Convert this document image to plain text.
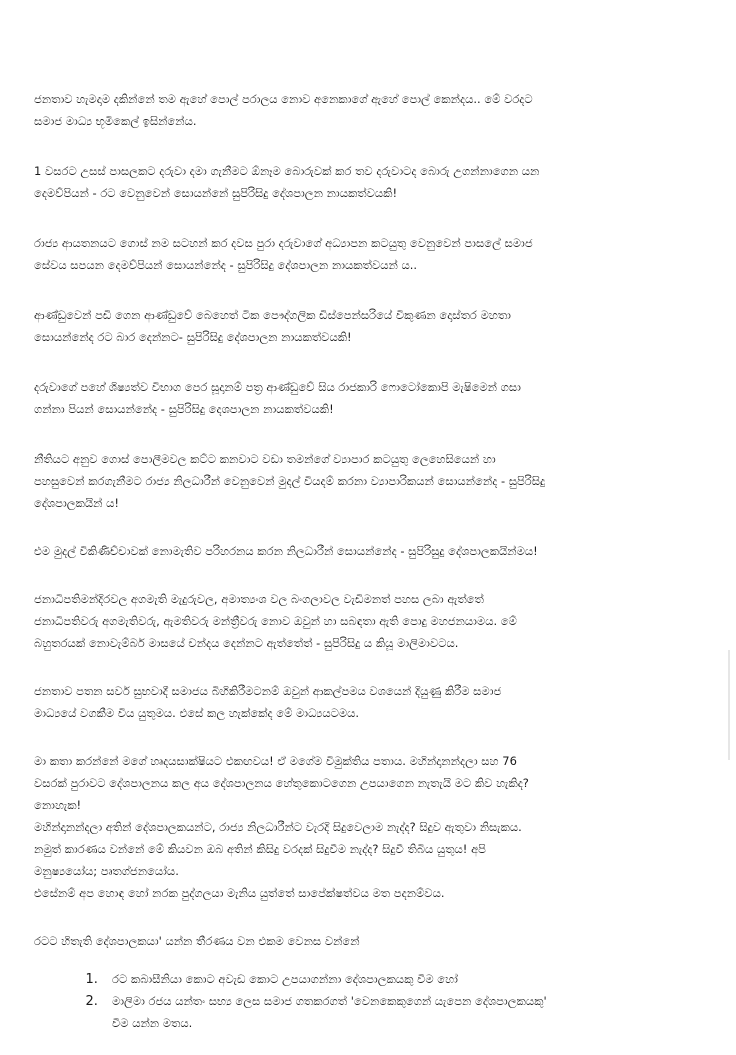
ජනතාව හැමදාම දකින්නේ තම ඇහේ පොල් පරාලය නොව අනෙකාගේ ඇහේ පොල් කෙන්දය.. මේ වරදට
සමාජ මාධ්‍ය භූමිකෙල් ඉසින්නේය.

1 වසරට උසස් පාසලකට දරුවා දමා ගැනීමට ඕනෑම බොරුවක් කර තව දරුවාටද බොරු උගන්නාගෙන යන
දෙමව්පියන් - රට වෙනුවෙන් සොයන්නේ සුපිරිසිදු දේශපාලන නායකත්වයකි!

රාජ්‍ය ආයතනයට ගොස් නම සටහන් කර දවස පුරා දරුවාගේ අධ්‍යාපන කටයුතු වෙනුවෙන් පාසලේ සමාජ
සේවය සපයන දෙමව්පියන් සොයන්නේද - සුපිරිසිදු දේශපාලන නායකත්වයන් ය..

ආණ්ඩුවෙන් පඩි ගෙන ආණ්ඩුවේ බෙහෙත් ටික පෞද්ගලික ඩිස්පෙන්සරියේ විකුණන දොස්තර මහතා
සොයන්නේද රට බාර දෙන්නට- සුපිරිසිදු දේශපාලන නායකත්වයකි!

දරුවාගේ පහේ ශිෂ්‍යත්ව විභාග පෙර සූදානම් පත්‍ර ආණ්ඩුවේ සිය රාජකාරි ෆොටෝකොපි මැෂිමෙන් ගසා
ගන්නා පියන් සොයන්නේද - සුපිරිසිදු දෙශපාලන නායකත්වයකි!

නීතියට අනුව ගොස් පොලීමවල කට්ට කනවාට වඩා තමන්ගේ ව්‍යාපාර කටයුතු ලෙහෙසියෙන් හා
පහසුවෙන් කරගැනීමට රාජ්‍ය නිලධාරීන් වෙනුවෙන් මුදල් වියදම් කරනා ව්‍යාපාරිකයන් සොයන්නේද - සුපිරිසිදු
දේශපාලකයින් ය!

එම මුදල් විකිණිච්චාවක් නොමැතිව පරිහරනය කරන නිලධාරීන් සොයන්නේද - සුපිරිසුදු දේශපාලකයින්මය!

ජනාධිපතිමන්දිරවල අගමැති මැදුරුවල, අමාත්‍යංශ වල බංගලාවල වැඩිමනත් පහස ලබා ඇත්තේ
ජනාධිපතිවරු අගමැතිවරු, ඇමතිවරු මන්ත්‍රීවරු නොව ඔවුන් හා සබඳතා ඇති පොදු මහජනයාමය. මේ
බහුතරයක් නොවැම්බර් මාසයේ චන්දය දෙන්නට ඇත්තේත් - සුපිරිසිදු ය කියූ මාලිමාවටය.

ජනතාව පතන සර්ව සුභවාදී සමාජය බිහිකිරීමටනම් ඔවුන් ආකල්පමය වශයෙන් දියුණු කිරීම සමාජ
මාධ්‍යයේ වගකීම විය යුතුමය. එසේ කල හැක්කේද මේ මාධ්‍යයටමය.

මා කතා කරන්නේ මගේ හෘදයසාක්ෂියට එකඟවය! ඒ මගේම විමුක්තිය පතාය. මහින්දානන්දලා සහ 76
වසරක් පුරාවට දේශපාලනය කල අය දේශපාලනය හේතුකොටගෙන උපයාගෙන නැතැයි මට කිව හැකිද?
නොහැක!
මහින්දානන්දලා අතින් දේශපාලකයන්ට, රාජ්‍ය නිලධාරීන්ට වැරදි සිදුවෙලාම නැද්ද? සිදුව ඇතුවා නිසැකය.
නමුත් කාරණය වන්නේ මේ කියවන ඔබ අතින් කිසිදු වරදක් සිදුවීම නැද්ද? සිදුවී තිබිය යුතුය! අපි
මනුෂ්‍යයෝය; පෘතග්ජනයෝය.
එසේනම් අප හොඳ හෝ නරක පුද්ගලයා මැනිය යුත්තේ සාපේක්ෂත්වය මත පදනම්වය.

රටට හිතැති දේශපාලකයා' යන්න තීරණය වන එකම වෙනස වන්නේ

1. රට කබාසීනියා කොට අවැඩ කොට උපයාගන්නා දේශපාලකයකු වීම හෝ
2. මාලිමා රජය යන්තං සභ්‍ය ලෙස සමාජ ගතකරගත් 'වෙනකෙකුගෙන් යැපෙන දේශපාලකයකු'
වීම යන්න මතය.
